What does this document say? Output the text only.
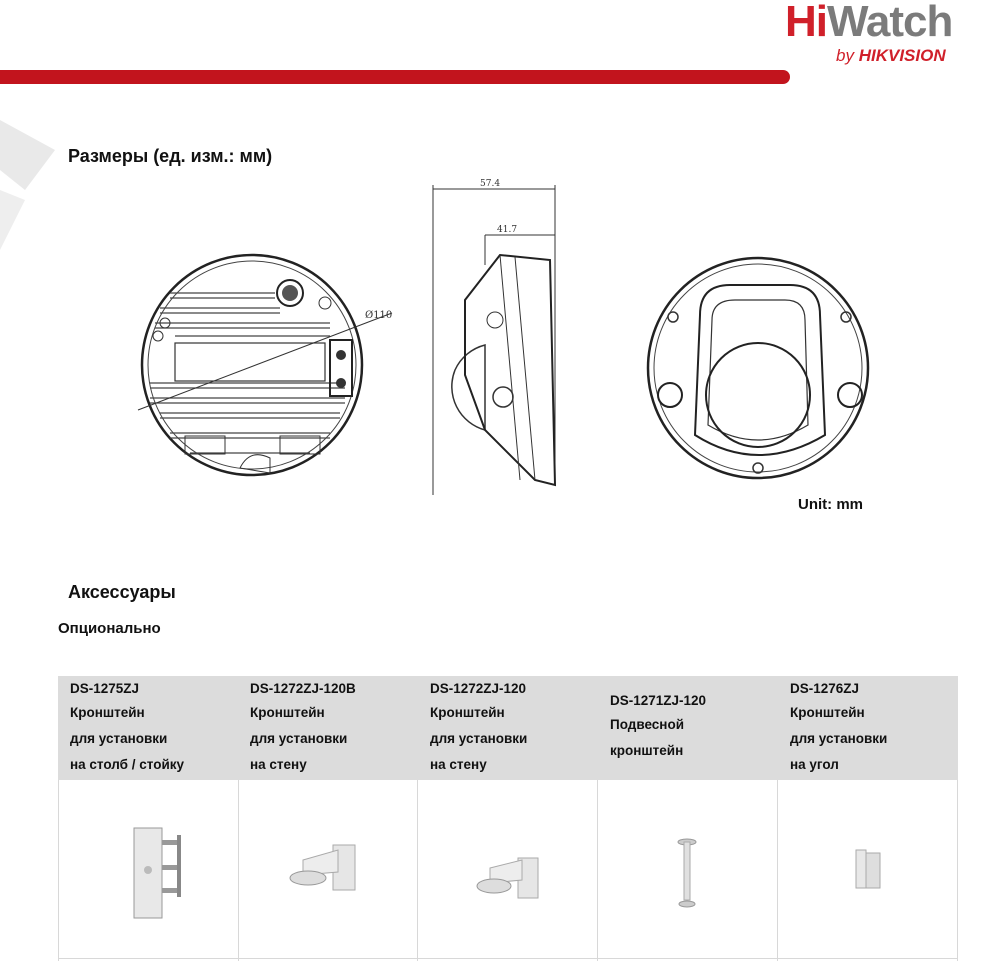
HiWatch
by HIKVISION
Размеры (ед. изм.: мм)
Ø110
57.4
41.7
Unit: mm
Аксессуары
Опционально
DS-1275ZJ
Кронштейн
для установки
на столб / стойку
DS-1272ZJ-120B
Кронштейн
для установки
на стену
DS-1272ZJ-120
Кронштейн
для установки
на стену
DS-1271ZJ-120
Подвесной
кронштейн
DS-1276ZJ
Кронштейн
для установки
на угол
